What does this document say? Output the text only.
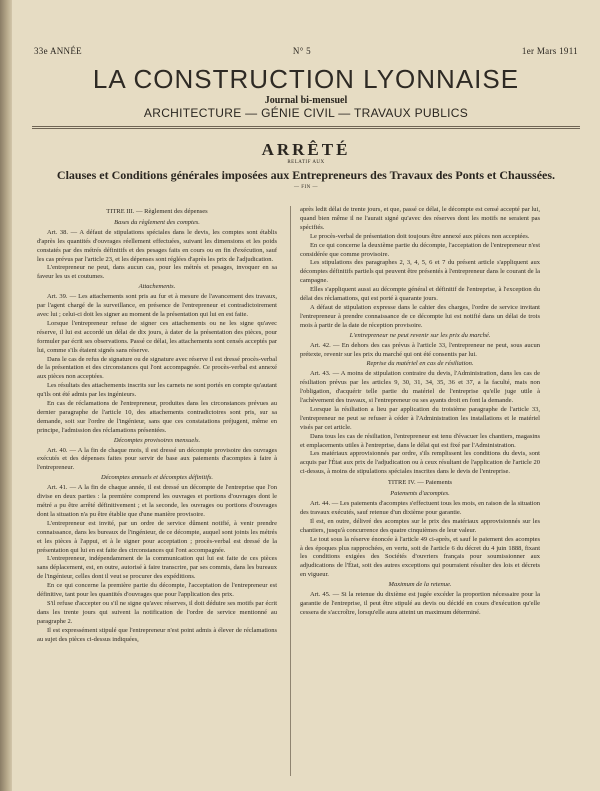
33e ANNÉE	N° 5	1er Mars 1911
LA CONSTRUCTION LYONNAISE
Journal bi-mensuel
ARCHITECTURE — GÉNIE CIVIL — TRAVAUX PUBLICS
ARRÊTÉ
RELATIF AUX
Clauses et Conditions générales imposées aux Entrepreneurs des Travaux des Ponts et Chaussées.
— FIN —

TITRE III. — Règlement des dépenses

Bases du règlement des comptes.

Art. 38. — A défaut de stipulations spéciales dans le devis, les comptes sont établis d'après les quantités d'ouvrages réellement effectuées, suivant les dimensions et les poids constatés par des métrés définitifs et des pesages faits en cours ou en fin d'exécution, sauf les cas prévus par l'article 23, et les dépenses sont réglées d'après les prix de l'adjudication.

L'entrepreneur ne peut, dans aucun cas, pour les métrés et pesages, invoquer en sa faveur les us et coutumes.

Attachements.

Art. 39. — Les attachements sont pris au fur et à mesure de l'avancement des travaux, par l'agent chargé de la surveillance, en présence de l'entrepreneur et contradictoirement avec lui ; celui-ci doit les signer au moment de la présentation qui lui en est faite.

Lorsque l'entrepreneur refuse de signer ces attachements ou ne les signe qu'avec réserve, il lui est accordé un délai de dix jours, à dater de la présentation des pièces, pour formuler par écrit ses observations. Passé ce délai, les attachements sont censés acceptés par lui, comme s'ils étaient signés sans réserve.

Dans le cas de refus de signature ou de signature avec réserve il est dressé procès-verbal de la présentation et des circonstances qui l'ont accompagnée. Ce procès-verbal est annexé aux pièces non acceptées.

Les résultats des attachements inscrits sur les carnets ne sont portés en compte qu'autant qu'ils ont été admis par les ingénieurs.

En cas de réclamations de l'entrepreneur, produites dans les circonstances prévues au dernier paragraphe de l'article 10, des attachements contradictoires sont pris, sur sa demande, soit sur l'ordre de l'ingénieur, sans que ces constatations préjugent, même en principe, l'admission des réclamations présentées.

Décomptes provisoires mensuels.

Art. 40. — A la fin de chaque mois, il est dressé un décompte provisoire des ouvrages exécutés et des dépenses faites pour servir de base aux paiements d'acomptes à faire à l'entrepreneur.

Décomptes annuels et décomptes définitifs.

Art. 41. — A la fin de chaque année, il est dressé un décompte de l'entreprise que l'on divise en deux parties : la première comprend les ouvrages et portions d'ouvrages dont le métré a pu être arrêté définitivement ; et la seconde, les ouvrages ou portions d'ouvrages dont la situation n'a pu être établie que d'une manière provisoire.

L'entrepreneur est invité, par un ordre de service dûment notifié, à venir prendre connaissance, dans les bureaux de l'ingénieur, de ce décompte, auquel sont joints les métrés et les pièces à l'appui, et à le signer pour acceptation ; procès-verbal est dressé de la présentation qui lui en est faite des circonstances qui l'ont accompagnée.

L'entrepreneur, indépendamment de la communication qui lui est faite de ces pièces sans déplacement, est, en outre, autorisé à faire transcrire, par ses commis, dans les bureaux de l'ingénieur, celles dont il veut se procurer des expéditions.

En ce qui concerne la première partie du décompte, l'acceptation de l'entrepreneur est définitive, tant pour les quantités d'ouvrages que pour l'application des prix.

S'il refuse d'accepter ou s'il ne signe qu'avec réserves, il doit déduire ses motifs par écrit dans les trente jours qui suivent la notification de l'ordre de service mentionné au paragraphe 2.

Il est expressément stipulé que l'entrepreneur n'est point admis à élever de réclamations au sujet des pièces ci-dessus indiquées,

après ledit délai de trente jours, et que, passé ce délai, le décompte est censé accepté par lui, quand bien même il ne l'aurait signé qu'avec des réserves dont les motifs ne seraient pas spécifiés.

Le procès-verbal de présentation doit toujours être annexé aux pièces non acceptées.

En ce qui concerne la deuxième partie du décompte, l'acceptation de l'entrepreneur n'est considérée que comme provisoire.

Les stipulations des paragraphes 2, 3, 4, 5, 6 et 7 du présent article s'appliquent aux décomptes définitifs partiels qui peuvent être présentés à l'entrepreneur dans le courant de la campagne.

Elles s'appliquent aussi au décompte général et définitif de l'entreprise, à l'exception du délai des réclamations, qui est porté à quarante jours.

A défaut de stipulation expresse dans le cahier des charges, l'ordre de service invitant l'entrepreneur à prendre connaissance de ce décompte lui est notifié dans un délai de trois mois à partir de la date de réception provisoire.

L'entrepreneur ne peut revenir sur les prix du marché.

Art. 42. — En dehors des cas prévus à l'article 33, l'entrepreneur ne peut, sous aucun prétexte, revenir sur les prix du marché qui ont été consentis par lui.

Reprise du matériel en cas de résiliation.

Art. 43. — A moins de stipulation contraire du devis, l'Administration, dans les cas de résiliation prévus par les articles 9, 30, 31, 34, 35, 36 et 37, a la faculté, mais non l'obligation, d'acquérir telle partie du matériel de l'entreprise qu'elle juge utile à l'achèvement des travaux, si l'entrepreneur ou ses ayants droit en font la demande.

Lorsque la résiliation a lieu par application du troisième paragraphe de l'article 33, l'entrepreneur ne peut se refuser à céder à l'Administration les installations et le matériel visés par cet article.

Dans tous les cas de résiliation, l'entrepreneur est tenu d'évacuer les chantiers, magasins et emplacements utiles à l'entreprise, dans le délai qui est fixé par l'Administration.

Les matériaux approvisionnés par ordre, s'ils remplissent les conditions du devis, sont acquis par l'État aux prix de l'adjudication ou à ceux résultant de l'application de l'article 20 ci-dessus, à moins de stipulations spéciales inscrites dans le devis de l'entreprise.

TITRE IV. — Paiements

Paiements d'acomptes.

Art. 44. — Les paiements d'acomptes s'effectuent tous les mois, en raison de la situation des travaux exécutés, sauf retenue d'un dixième pour garantie.

Il est, en outre, délivré des acomptes sur le prix des matériaux approvisionnés sur les chantiers, jusqu'à concurrence des quatre cinquièmes de leur valeur.

Le tout sous la réserve énoncée à l'article 49 ci-après, et sauf le paiement des acomptes à des époques plus rapprochées, en vertu, soit de l'article 6 du décret du 4 juin 1888, fixant les conditions exigées des Sociétés d'ouvriers français pour soumissionner aux adjudications de l'État, soit des autres exceptions qui pourraient résulter des lois et décrets en vigueur.

Maximum de la retenue.

Art. 45. — Si la retenue du dixième est jugée excéder la proportion nécessaire pour la garantie de l'entreprise, il peut être stipulé au devis ou décidé en cours d'exécution qu'elle cessera de s'accroître, lorsqu'elle aura atteint un maximum déterminé.
